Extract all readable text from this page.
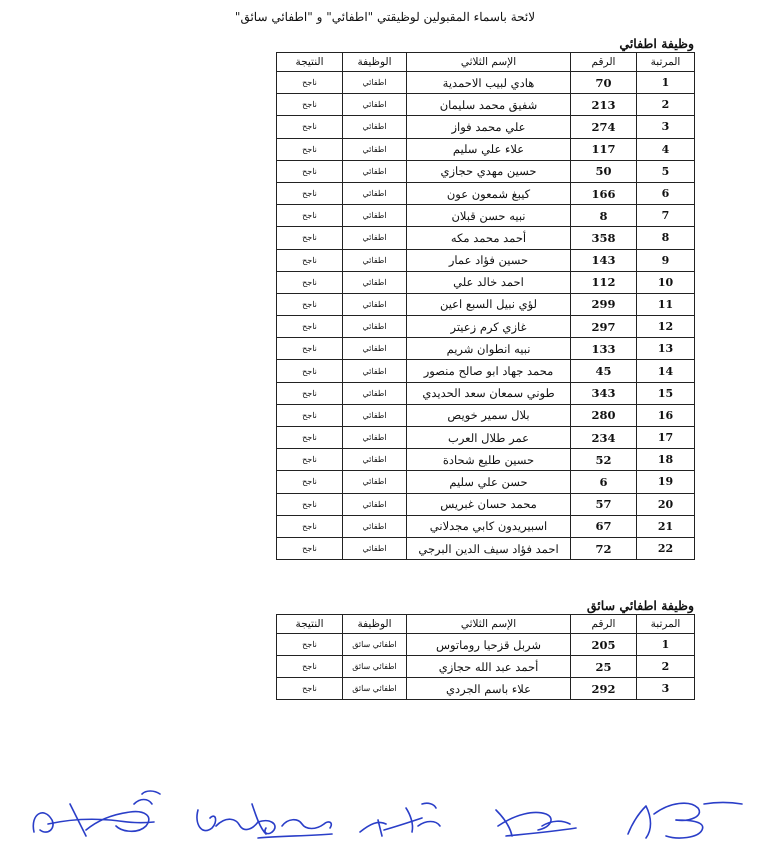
لائحة باسماء المقبولين لوظيقتي "اطفائي" و "اطفائي سائق"
وظيفة اطفائي
المرتبة	الرقم	الإسم الثلاثي	الوظيفة	النتيجة
1	70	هادي لبيب الاحمدية	اطفائي	ناجح
2	213	شفيق محمد سليمان	اطفائي	ناجح
3	274	علي محمد فواز	اطفائي	ناجح
4	117	علاء علي سليم	اطفائي	ناجح
5	50	حسين مهدي حجازي	اطفائي	ناجح
6	166	كيبغ شمعون عون	اطفائي	ناجح
7	8	نبيه حسن قبلان	اطفائي	ناجح
8	358	أحمد محمد مكه	اطفائي	ناجح
9	143	حسين فؤاد عمار	اطفائي	ناجح
10	112	احمد خالد علي	اطفائي	ناجح
11	299	لؤي نبيل السبع اعين	اطفائي	ناجح
12	297	غازي كرم زعيتر	اطفائي	ناجح
13	133	نبيه انطوان شريم	اطفائي	ناجح
14	45	محمد جهاد ابو صالح منصور	اطفائي	ناجح
15	343	طوني سمعان سعد الحديدي	اطفائي	ناجح
16	280	بلال سمير خويص	اطفائي	ناجح
17	234	عمر طلال العرب	اطفائي	ناجح
18	52	حسين طليع شحادة	اطفائي	ناجح
19	6	حسن علي سليم	اطفائي	ناجح
20	57	محمد حسان غبريس	اطفائي	ناجح
21	67	اسبيريدون كابي مجدلاني	اطفائي	ناجح
22	72	احمد فؤاد سيف الدين البرجي	اطفائي	ناجح
وظيفة اطفائي سائق
المرتبة	الرقم	الإسم الثلاثي	الوظيفة	النتيجة
1	205	شربل قزحيا روماتوس	اطفائي سائق	ناجح
2	25	أحمد عبد الله حجازي	اطفائي سائق	ناجح
3	292	علاء باسم الجردي	اطفائي سائق	ناجح
